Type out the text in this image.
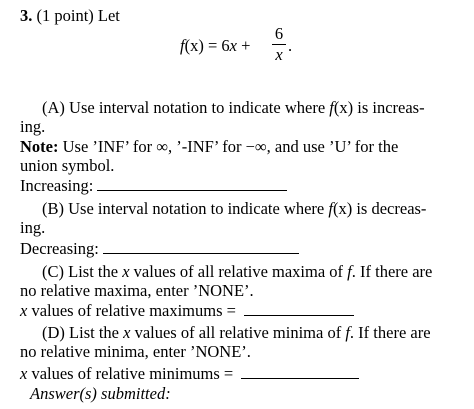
3. (1 point) Let
f(x) = 6x +
6
x .
(A) Use interval notation to indicate where f(x) is increas-
ing.
Note: Use ’INF’ for ∞, ’-INF’ for −∞, and use ’U’ for the
union symbol.
Increasing:
(B) Use interval notation to indicate where f(x) is decreas-
ing.
Decreasing:
(C) List the x values of all relative maxima of f. If there are
no relative maxima, enter ’NONE’.
x values of relative maximums =
(D) List the x values of all relative minima of f. If there are
no relative minima, enter ’NONE’.
x values of relative minimums =
Answer(s) submitted:
